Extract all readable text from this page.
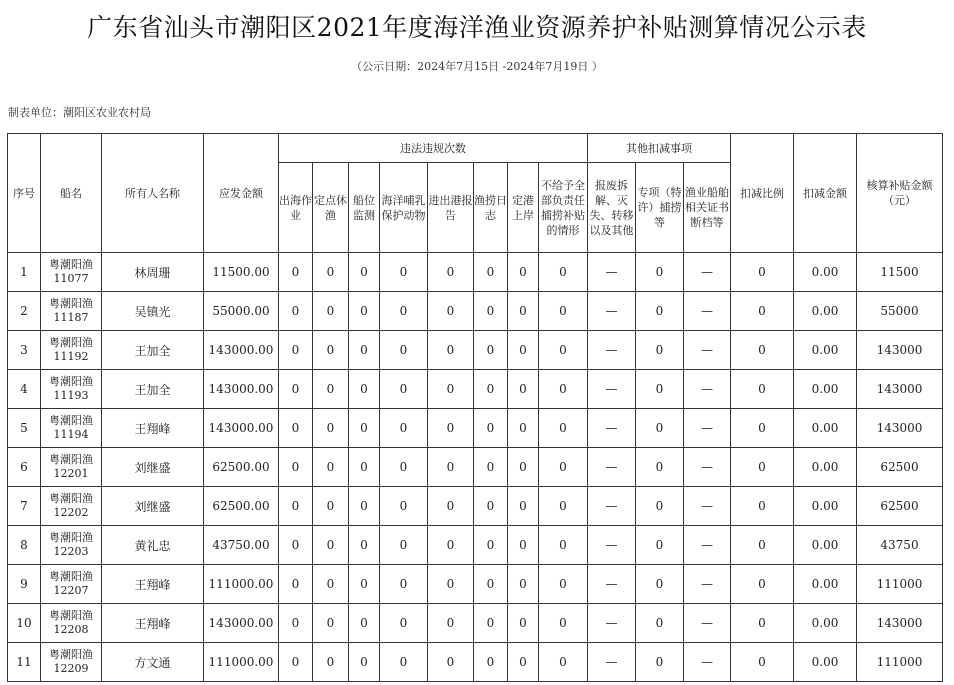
广东省汕头市潮阳区2021年度海洋渔业资源养护补贴测算情况公示表
（公示日期：2024年7月15日 -2024年7月19日 ）
制表单位：潮阳区农业农村局
序号	船名	所有人名称	应发金额	违法违规次数								其他扣减事项			扣减比例	扣减金额	核算补贴金额（元）
				出海作业	定点休渔	船位监测	海洋哺乳保护动物	进出港报告	渔捞日志	定港上岸	不给予全部负责任捕捞补贴的情形	报废拆解、灭失、转移以及其他	专项（特许）捕捞等	渔业船舶相关证书断档等			
1	粤潮阳渔11077	林周珊	11500.00	0	0	0	0	0	0	0	0	—	0	—	0	0.00	11500
2	粤潮阳渔11187	吴镇光	55000.00	0	0	0	0	0	0	0	0	—	0	—	0	0.00	55000
3	粤潮阳渔11192	王加全	143000.00	0	0	0	0	0	0	0	0	—	0	—	0	0.00	143000
4	粤潮阳渔11193	王加全	143000.00	0	0	0	0	0	0	0	0	—	0	—	0	0.00	143000
5	粤潮阳渔11194	王翔峰	143000.00	0	0	0	0	0	0	0	0	—	0	—	0	0.00	143000
6	粤潮阳渔12201	刘继盛	62500.00	0	0	0	0	0	0	0	0	—	0	—	0	0.00	62500
7	粤潮阳渔12202	刘继盛	62500.00	0	0	0	0	0	0	0	0	—	0	—	0	0.00	62500
8	粤潮阳渔12203	黄礼忠	43750.00	0	0	0	0	0	0	0	0	—	0	—	0	0.00	43750
9	粤潮阳渔12207	王翔峰	111000.00	0	0	0	0	0	0	0	0	—	0	—	0	0.00	111000
10	粤潮阳渔12208	王翔峰	143000.00	0	0	0	0	0	0	0	0	—	0	—	0	0.00	143000
11	粤潮阳渔12209	方文通	111000.00	0	0	0	0	0	0	0	0	—	0	—	0	0.00	111000
